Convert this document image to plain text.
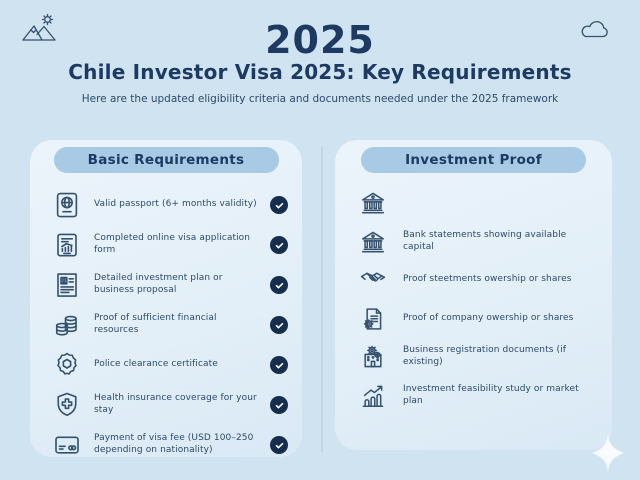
2025
Chile Investor Visa 2025: Key Requirements
Here are the updated eligibility criteria and documents needed under the 2025 framework
Basic Requirements
Valid passport (6+ months validity)
Completed online visa application form
Detailed investment plan or business proposal
Proof of sufficient financial resources
Police clearance certificate
Health insurance coverage for your stay
Payment of visa fee (USD 100–250 depending on nationality)
Investment Proof
Bank statements showing available capital
Proof steetments owership or shares
Proof of company owership or shares
Business registration documents (if existing)
Investment feasibility study or market plan
